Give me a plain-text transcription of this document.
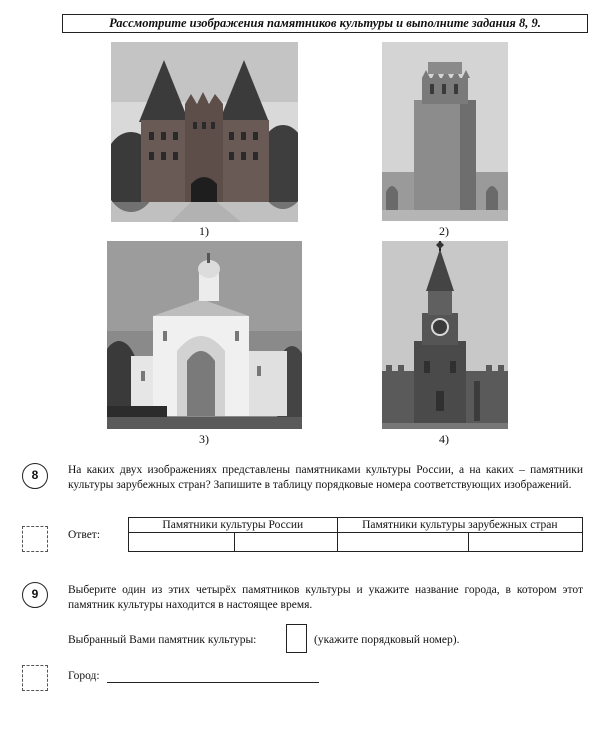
Рассмотрите изображения памятников культуры и выполните задания 8, 9.
1)	2)
3)	4)
8	На каких двух изображениях представлены памятниками культуры России, а на каких – памятники культуры зарубежных стран? Запишите в таблицу порядковые номера соответствующих изображений.
Ответ:
Памятники культуры России		Памятники культуры зарубежных стран	

9	Выберите один из этих четырёх памятников культуры и укажите название города, в котором этот памятник культуры находится в настоящее время.
Выбранный Вами памятник культуры:	(укажите порядковый номер).
Город:
